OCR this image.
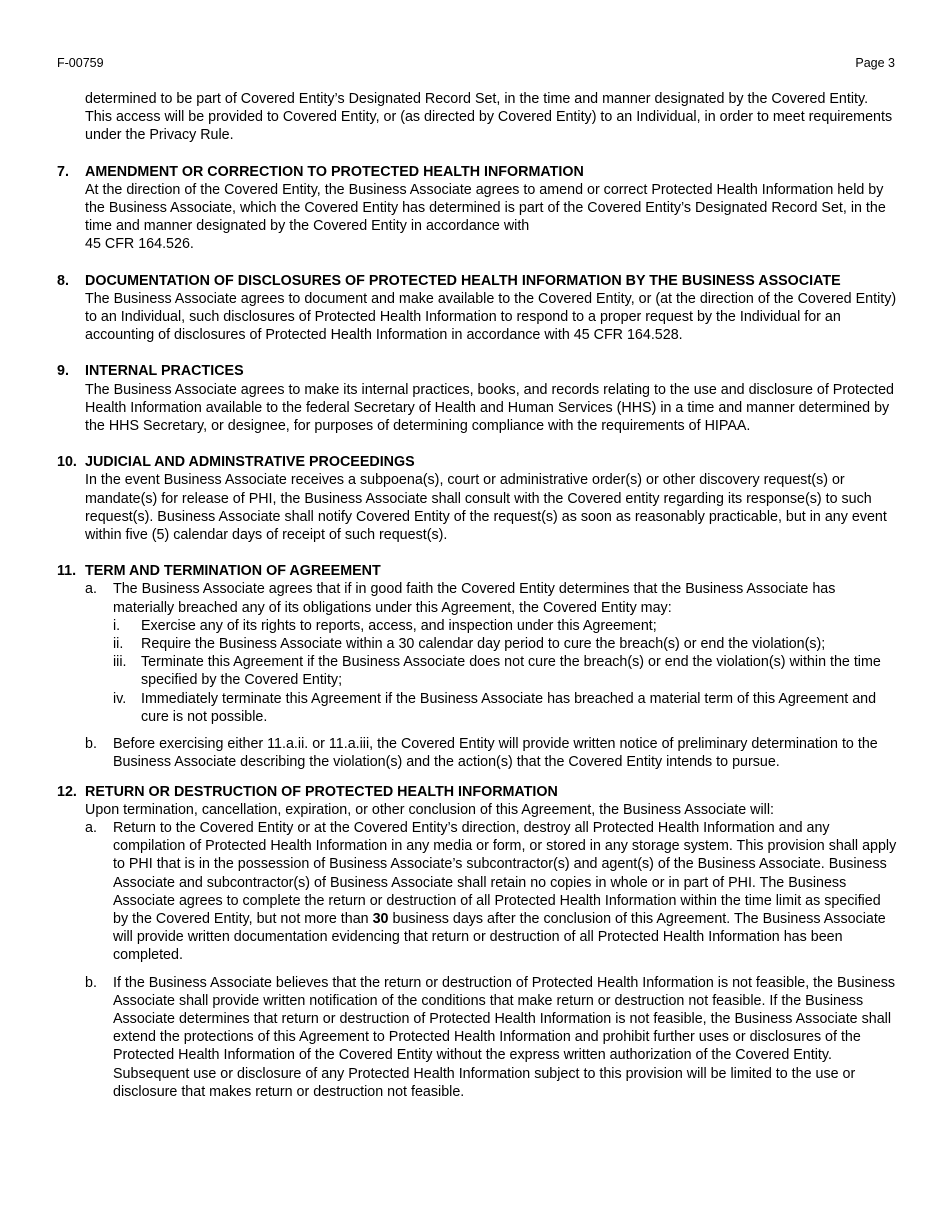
F-00759	Page 3
determined to be part of Covered Entity’s Designated Record Set, in the time and manner designated by the Covered Entity. This access will be provided to Covered Entity, or (as directed by Covered Entity) to an Individual, in order to meet requirements under the Privacy Rule.
7. AMENDMENT OR CORRECTION TO PROTECTED HEALTH INFORMATION
At the direction of the Covered Entity, the Business Associate agrees to amend or correct Protected Health Information held by the Business Associate, which the Covered Entity has determined is part of the Covered Entity’s Designated Record Set, in the time and manner designated by the Covered Entity in accordance with
45 CFR 164.526.
8. DOCUMENTATION OF DISCLOSURES OF PROTECTED HEALTH INFORMATION BY THE BUSINESS ASSOCIATE
The Business Associate agrees to document and make available to the Covered Entity, or (at the direction of the Covered Entity) to an Individual, such disclosures of Protected Health Information to respond to a proper request by the Individual for an accounting of disclosures of Protected Health Information in accordance with 45 CFR 164.528.
9. INTERNAL PRACTICES
The Business Associate agrees to make its internal practices, books, and records relating to the use and disclosure of Protected Health Information available to the federal Secretary of Health and Human Services (HHS) in a time and manner determined by the HHS Secretary, or designee, for purposes of determining compliance with the requirements of HIPAA.
10. JUDICIAL AND ADMINSTRATIVE PROCEEDINGS
In the event Business Associate receives a subpoena(s), court or administrative order(s) or other discovery request(s) or mandate(s) for release of PHI, the Business Associate shall consult with the Covered entity regarding its response(s) to such request(s). Business Associate shall notify Covered Entity of the request(s) as soon as reasonably practicable, but in any event within five (5) calendar days of receipt of such request(s).
11. TERM AND TERMINATION OF AGREEMENT
a. The Business Associate agrees that if in good faith the Covered Entity determines that the Business Associate has materially breached any of its obligations under this Agreement, the Covered Entity may:
i. Exercise any of its rights to reports, access, and inspection under this Agreement;
ii. Require the Business Associate within a 30 calendar day period to cure the breach(s) or end the violation(s);
iii. Terminate this Agreement if the Business Associate does not cure the breach(s) or end the violation(s) within the time specified by the Covered Entity;
iv. Immediately terminate this Agreement if the Business Associate has breached a material term of this Agreement and cure is not possible.
b. Before exercising either 11.a.ii. or 11.a.iii, the Covered Entity will provide written notice of preliminary determination to the Business Associate describing the violation(s) and the action(s) that the Covered Entity intends to pursue.
12. RETURN OR DESTRUCTION OF PROTECTED HEALTH INFORMATION
Upon termination, cancellation, expiration, or other conclusion of this Agreement, the Business Associate will:
a. Return to the Covered Entity or at the Covered Entity’s direction, destroy all Protected Health Information and any compilation of Protected Health Information in any media or form, or stored in any storage system. This provision shall apply to PHI that is in the possession of Business Associate’s subcontractor(s) and agent(s) of the Business Associate. Business Associate and subcontractor(s) of Business Associate shall retain no copies in whole or in part of PHI. The Business Associate agrees to complete the return or destruction of all Protected Health Information within the time limit as specified by the Covered Entity, but not more than 30 business days after the conclusion of this Agreement. The Business Associate will provide written documentation evidencing that return or destruction of all Protected Health Information has been completed.
b. If the Business Associate believes that the return or destruction of Protected Health Information is not feasible, the Business Associate shall provide written notification of the conditions that make return or destruction not feasible. If the Business Associate determines that return or destruction of Protected Health Information is not feasible, the Business Associate shall extend the protections of this Agreement to Protected Health Information and prohibit further uses or disclosures of the Protected Health Information of the Covered Entity without the express written authorization of the Covered Entity. Subsequent use or disclosure of any Protected Health Information subject to this provision will be limited to the use or disclosure that makes return or destruction not feasible.
